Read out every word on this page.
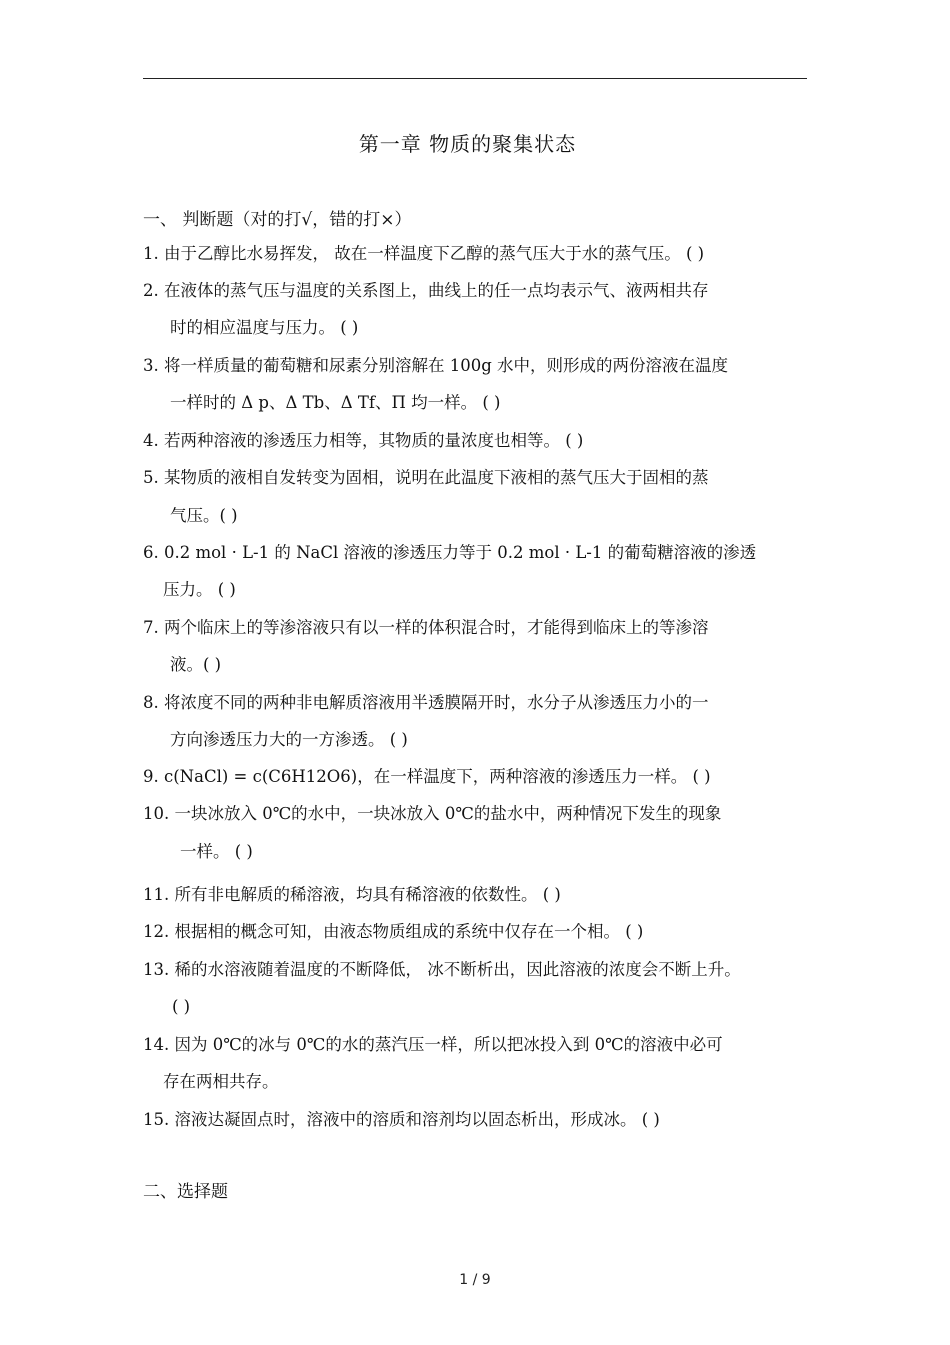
第一章 物质的聚集状态
一、 判断题（对的打√，错的打×）
1. 由于乙醇比水易挥发， 故在一样温度下乙醇的蒸气压大于水的蒸气压。 ( )
2. 在液体的蒸气压与温度的关系图上，曲线上的任一点均表示气、液两相共存
时的相应温度与压力。 ( )
3. 将一样质量的葡萄糖和尿素分别溶解在 100g 水中，则形成的两份溶液在温度
一样时的 Δ p、Δ Tb、Δ Tf、Π 均一样。 ( )
4. 若两种溶液的渗透压力相等，其物质的量浓度也相等。 ( )
5. 某物质的液相自发转变为固相，说明在此温度下液相的蒸气压大于固相的蒸
气压。( )
6. 0.2 mol · L-1 的 NaCl 溶液的渗透压力等于 0.2 mol · L-1 的葡萄糖溶液的渗透
压力。 ( )
7. 两个临床上的等渗溶液只有以一样的体积混合时，才能得到临床上的等渗溶
液。( )
8. 将浓度不同的两种非电解质溶液用半透膜隔开时，水分子从渗透压力小的一
方向渗透压力大的一方渗透。 ( )
9. c(NaCl) = c(C6H12O6)，在一样温度下，两种溶液的渗透压力一样。 ( )
10. 一块冰放入 0℃的水中，一块冰放入 0℃的盐水中，两种情况下发生的现象
一样。 ( )
11. 所有非电解质的稀溶液，均具有稀溶液的依数性。 ( )
12. 根据相的概念可知，由液态物质组成的系统中仅存在一个相。 ( )
13. 稀的水溶液随着温度的不断降低， 冰不断析出，因此溶液的浓度会不断上升。
( )
14. 因为 0℃的冰与 0℃的水的蒸汽压一样，所以把冰投入到 0℃的溶液中必可
存在两相共存。
15. 溶液达凝固点时，溶液中的溶质和溶剂均以固态析出，形成冰。 ( )
二、选择题
1 / 9
